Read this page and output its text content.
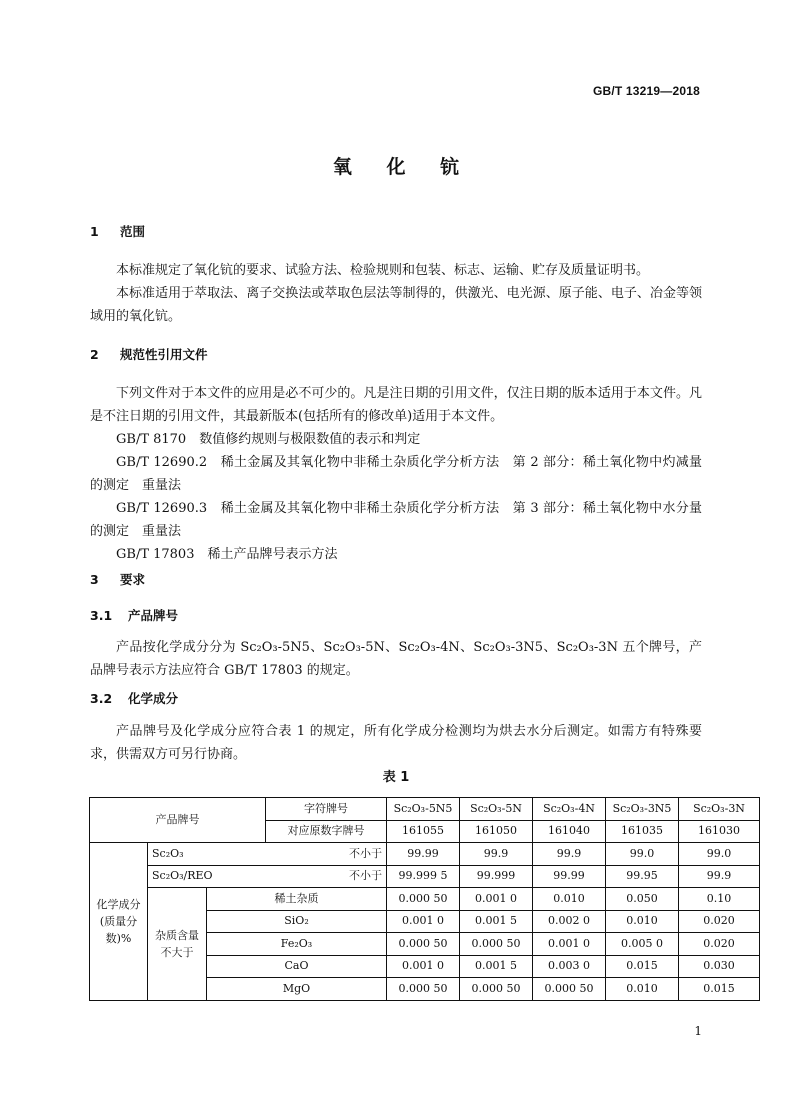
GB/T 13219—2018
氧 化 钪
1 范围
本标准规定了氧化钪的要求、试验方法、检验规则和包装、标志、运输、贮存及质量证明书。
本标准适用于萃取法、离子交换法或萃取色层法等制得的，供激光、电光源、原子能、电子、冶金等领域用的氧化钪。
2 规范性引用文件
下列文件对于本文件的应用是必不可少的。凡是注日期的引用文件，仅注日期的版本适用于本文件。凡是不注日期的引用文件，其最新版本(包括所有的修改单)适用于本文件。
GB/T 8170　数值修约规则与极限数值的表示和判定
GB/T 12690.2　稀土金属及其氧化物中非稀土杂质化学分析方法　第 2 部分：稀土氧化物中灼减量的测定　重量法
GB/T 12690.3　稀土金属及其氧化物中非稀土杂质化学分析方法　第 3 部分：稀土氧化物中水分量的测定　重量法
GB/T 17803　稀土产品牌号表示方法
3 要求
3.1 产品牌号
产品按化学成分分为 Sc₂O₃-5N5、Sc₂O₃-5N、Sc₂O₃-4N、Sc₂O₃-3N5、Sc₂O₃-3N 五个牌号，产品牌号表示方法应符合 GB/T 17803 的规定。
3.2 化学成分
产品牌号及化学成分应符合表 1 的规定，所有化学成分检测均为烘去水分后测定。如需方有特殊要求，供需双方可另行协商。
表 1
产品牌号			字符牌号	Sc₂O₃-5N5	Sc₂O₃-5N	Sc₂O₃-4N	Sc₂O₃-3N5	Sc₂O₃-3N
			对应原数字牌号	161055	161050	161040	161035	161030
化学成分(质量分数)%	Sc₂O₃ 不小于			99.99	99.9	99.9	99.0	99.0

	Sc₂O₃/REO 不小于			99.999 5	99.999	99.99	99.95	99.9
	杂质含量不大于	稀土杂质		0.000 50	0.001 0	0.010	0.050	0.10
		SiO₂		0.001 0	0.001 5	0.002 0	0.010	0.020
		Fe₂O₃		0.000 50	0.000 50	0.001 0	0.005 0	0.020
		CaO		0.001 0	0.001 5	0.003 0	0.015	0.030
		MgO		0.000 50	0.000 50	0.000 50	0.010	0.015
1
